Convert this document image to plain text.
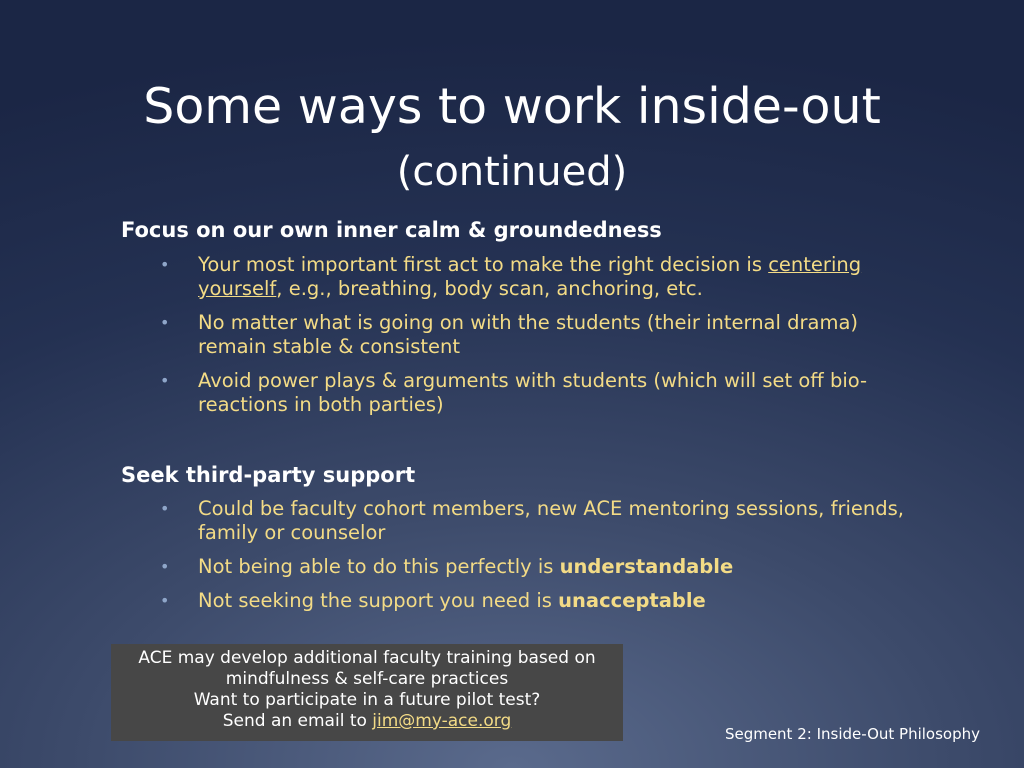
Some ways to work inside-out
(continued)
Focus on our own inner calm & groundedness
• Your most important first act to make the right decision is centering yourself, e.g., breathing, body scan, anchoring, etc.
• No matter what is going on with the students (their internal drama) remain stable & consistent
• Avoid power plays & arguments with students (which will set off bio-reactions in both parties)
Seek third-party support
• Could be faculty cohort members, new ACE mentoring sessions, friends, family or counselor
• Not being able to do this perfectly is understandable
• Not seeking the support you need is unacceptable
ACE may develop additional faculty training based on
mindfulness & self-care practices
Want to participate in a future pilot test?
Send an email to jim@my-ace.org
Segment 2: Inside-Out Philosophy
